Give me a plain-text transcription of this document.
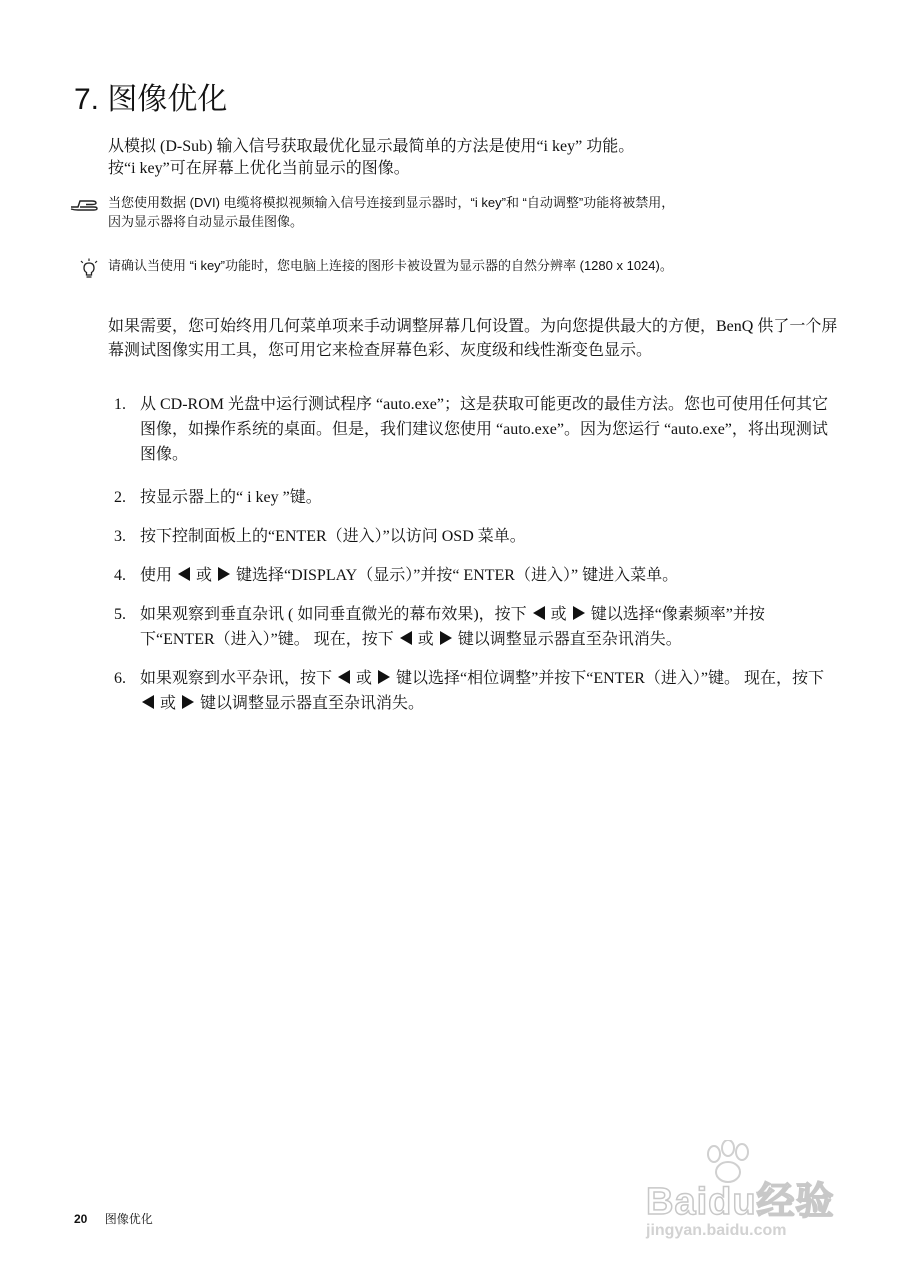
7. 图像优化

从模拟 (D-Sub) 输入信号获取最优化显示最简单的方法是使用“i key” 功能。

按“i key”可在屏幕上优化当前显示的图像。

当您使用数据 (DVI) 电缆将模拟视频输入信号连接到显示器时，“i key”和 “自动调整”功能将被禁用，
因为显示器将自动显示最佳图像。
请确认当使用 “i key”功能时，您电脑上连接的图形卡被设置为显示器的自然分辨率 (1280 x 1024)。

如果需要，您可始终用几何菜单项来手动调整屏幕几何设置。为向您提供最大的方便，BenQ 供了一个屏幕测试图像实用工具，您可用它来检查屏幕色彩、灰度级和线性渐变色显示。

1. 从 CD-ROM 光盘中运行测试程序 “auto.exe”；这是获取可能更改的最佳方法。您也可使用任何其它图像，如操作系统的桌面。但是，我们建议您使用 “auto.exe”。因为您运行 “auto.exe”，将出现测试图像。
2. 按显示器上的“ i key ”键。
3. 按下控制面板上的“ENTER（进入）”以访问 OSD 菜单。
4. 使用 或 键选择“DISPLAY（显示）”并按“ ENTER（进入）” 键进入菜单。
5. 如果观察到垂直杂讯 ( 如同垂直微光的幕布效果)，按下 或 键以选择“像素频率”并按下“ENTER（进入）”键。 现在，按下 或 键以调整显示器直至杂讯消失。
6. 如果观察到水平杂讯，按下 或 键以选择“相位调整”并按下“ENTER（进入）”键。 现在，按下  或 键以调整显示器直至杂讯消失。
20 图像优化	Baidu经验
jingyan.baidu.com
